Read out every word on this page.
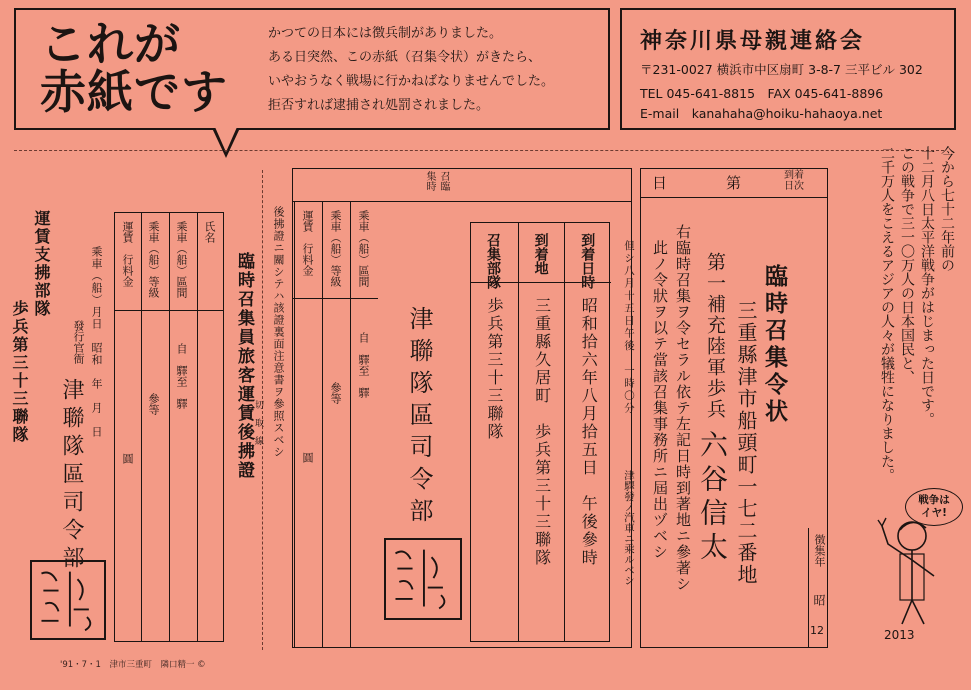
これが
赤紙です
かつての日本には徴兵制がありました。
ある日突然、この赤紙（召集令状）がきたら、
いやおうなく戦場に行かねばなりませんでした。
拒否すれば逮捕され処罰されました。
神奈川県母親連絡会
〒231-0027 横浜市中区扇町 3-8-7 三平ビル 302
TEL 045-641-8815　FAX 045-641-8896
E-mail　kanahaha@hoiku-hahaoya.net
今から七十二年前の
十二月八日太平洋戦争がはじまった日です。
この戦争で三一〇万人の日本国民と、
二千万人をこえるアジアの人々が犠牲になりました。
戦争は
イヤ!
2013
日	第	到着
日次
臨時召集令状
三重縣津市船頭町一七二番地
第一補充陸軍歩兵
六谷信太
右臨時召集ヲ令セラル依テ左記日時到著地ニ參著シ
此ノ令狀ヲ以テ當該召集事務所ニ屆出ヅベシ
但シ八月十五日午後　一時〇分
津驛發ノ汽車ニ乘ルベシ	徴集年
昭
12
召臨
集時
到着日時
昭和拾六年八月拾五日　午後參時
到着地
三重縣久居町　歩兵第三十三聯隊
召集部隊
歩兵第三十三聯隊
津聯隊區司令部
乘車（船）區間
自　驛至　驛
乘車（船）等級
參等
運賃　行料金
圓
後拂證ニ關シテハ該證裏面注意書ヲ參照スベシ
切　取　線
臨時召集員旅客運賃後拂證
氏名
乘車（船）區間
自　驛至　驛
乘車（船）等級
參等
運賃　行料金
圓
乘車（船）月日　昭和　年　月　日
發行官衙
津聯隊區司令部
運賃支拂部隊
歩兵第三十三聯隊
'91・7・1　津市三重町　隣口精一 ©
